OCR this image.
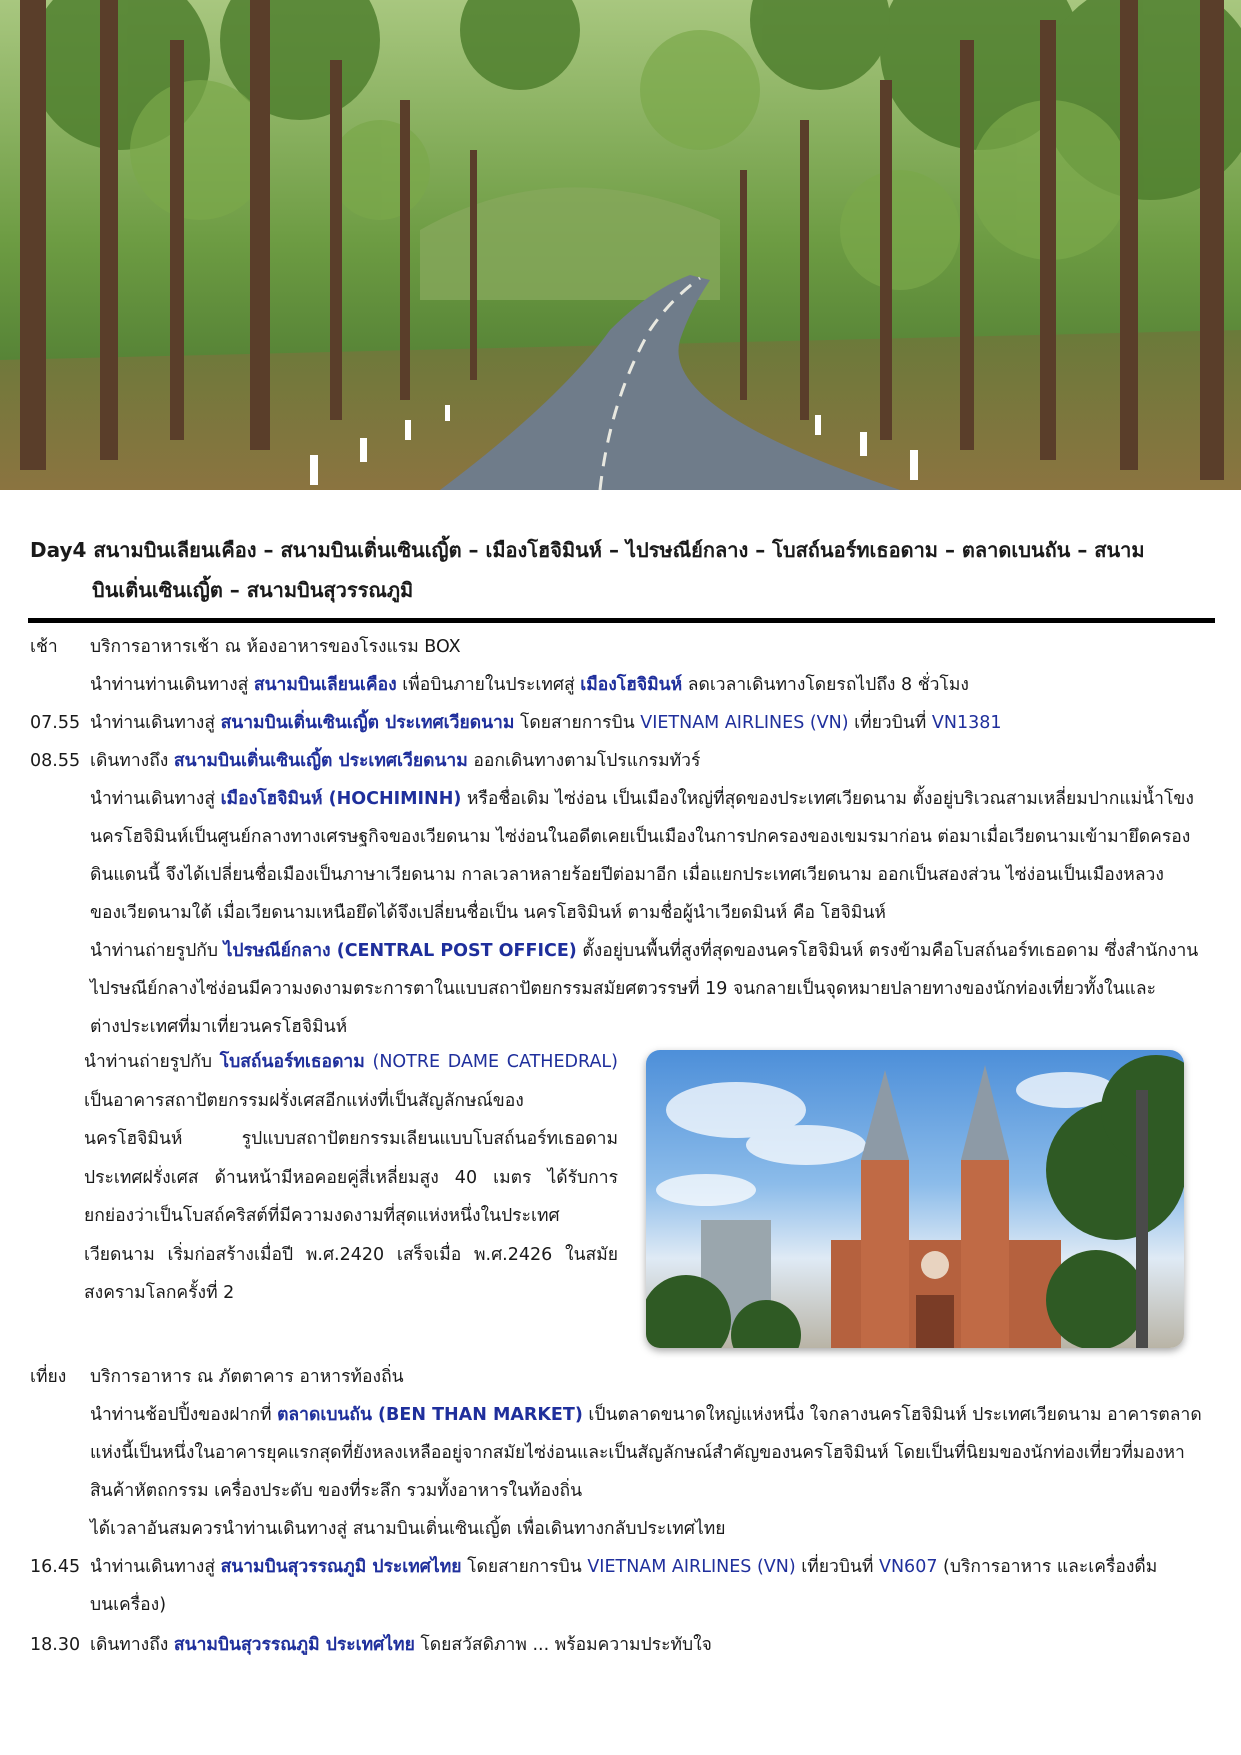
Day4 สนามบินเลียนเคือง – สนามบินเติ่นเซินเญิ้ต – เมืองโฮจิมินห์ – ไปรษณีย์กลาง – โบสถ์นอร์ทเธอดาม – ตลาดเบนถัน – สนาม
บินเติ่นเซินเญิ้ต – สนามบินสุวรรณภูมิ
เช้า	บริการอาหารเช้า ณ ห้องอาหารของโรงแรม BOX
นำท่านท่านเดินทางสู่ สนามบินเลียนเคือง เพื่อบินภายในประเทศสู่ เมืองโฮจิมินห์ ลดเวลาเดินทางโดยรถไปถึง 8 ชั่วโมง
07.55 นำท่านเดินทางสู่ สนามบินเติ่นเซินเญิ้ต ประเทศเวียดนาม โดยสายการบิน VIETNAM AIRLINES (VN) เที่ยวบินที่ VN1381
08.55 เดินทางถึง สนามบินเติ่นเซินเญิ้ต ประเทศเวียดนาม ออกเดินทางตามโปรแกรมทัวร์
นำท่านเดินทางสู่ เมืองโฮจิมินห์ (HOCHIMINH) หรือชื่อเดิม ไซ่ง่อน เป็นเมืองใหญ่ที่สุดของประเทศเวียดนาม ตั้งอยู่บริเวณสามเหลี่ยมปากแม่น้ำโขง
นครโฮจิมินห์เป็นศูนย์กลางทางเศรษฐกิจของเวียดนาม ไซ่ง่อนในอดีตเคยเป็นเมืองในการปกครองของเขมรมาก่อน ต่อมาเมื่อเวียดนามเข้ามายึดครอง
ดินแดนนี้ จึงได้เปลี่ยนชื่อเมืองเป็นภาษาเวียดนาม กาลเวลาหลายร้อยปีต่อมาอีก เมื่อแยกประเทศเวียดนาม ออกเป็นสองส่วน ไซ่ง่อนเป็นเมืองหลวง
ของเวียดนามใต้ เมื่อเวียดนามเหนือยึดได้จึงเปลี่ยนชื่อเป็น นครโฮจิมินห์ ตามชื่อผู้นำเวียดมินห์ คือ โฮจิมินห์
นำท่านถ่ายรูปกับ ไปรษณีย์กลาง (CENTRAL POST OFFICE) ตั้งอยู่บนพื้นที่สูงที่สุดของนครโฮจิมินห์ ตรงข้ามคือโบสถ์นอร์ทเธอดาม ซึ่งสำนักงาน
ไปรษณีย์กลางไซ่ง่อนมีความงดงามตระการตาในแบบสถาปัตยกรรมสมัยศตวรรษที่ 19 จนกลายเป็นจุดหมายปลายทางของนักท่องเที่ยวทั้งในและ
ต่างประเทศที่มาเที่ยวนครโฮจิมินห์
นำท่านถ่ายรูปกับ โบสถ์นอร์ทเธอดาม (NOTRE DAME CATHEDRAL) เป็นอาคารสถาปัตยกรรมฝรั่งเศสอีกแห่งที่เป็นสัญลักษณ์ของนครโฮจิมินห์ รูปแบบสถาปัตยกรรมเลียนแบบโบสถ์นอร์ทเธอดามประเทศฝรั่งเศส ด้านหน้ามีหอคอยคู่สี่เหลี่ยมสูง 40 เมตร ได้รับการยกย่องว่าเป็นโบสถ์คริสต์ที่มีความงดงามที่สุดแห่งหนึ่งในประเทศเวียดนาม เริ่มก่อสร้างเมื่อปี พ.ศ.2420 เสร็จเมื่อ พ.ศ.2426 ในสมัยสงครามโลกครั้งที่ 2
เที่ยง	บริการอาหาร ณ ภัตตาคาร อาหารท้องถิ่น
นำท่านช้อปปิ้งของฝากที่ ตลาดเบนถัน (BEN THAN MARKET) เป็นตลาดขนาดใหญ่แห่งหนึ่ง ใจกลางนครโฮจิมินห์ ประเทศเวียดนาม อาคารตลาด
แห่งนี้เป็นหนึ่งในอาคารยุคแรกสุดที่ยังหลงเหลืออยู่จากสมัยไซ่ง่อนและเป็นสัญลักษณ์สำคัญของนครโฮจิมินห์ โดยเป็นที่นิยมของนักท่องเที่ยวที่มองหา
สินค้าหัตถกรรม เครื่องประดับ ของที่ระลึก รวมทั้งอาหารในท้องถิ่น
ได้เวลาอันสมควรนำท่านเดินทางสู่ สนามบินเติ่นเซินเญิ้ต เพื่อเดินทางกลับประเทศไทย
16.45 นำท่านเดินทางสู่ สนามบินสุวรรณภูมิ ประเทศไทย โดยสายการบิน VIETNAM AIRLINES (VN) เที่ยวบินที่ VN607 (บริการอาหาร และเครื่องดื่ม
บนเครื่อง)
18.30 เดินทางถึง สนามบินสุวรรณภูมิ ประเทศไทย โดยสวัสดิภาพ ... พร้อมความประทับใจ
